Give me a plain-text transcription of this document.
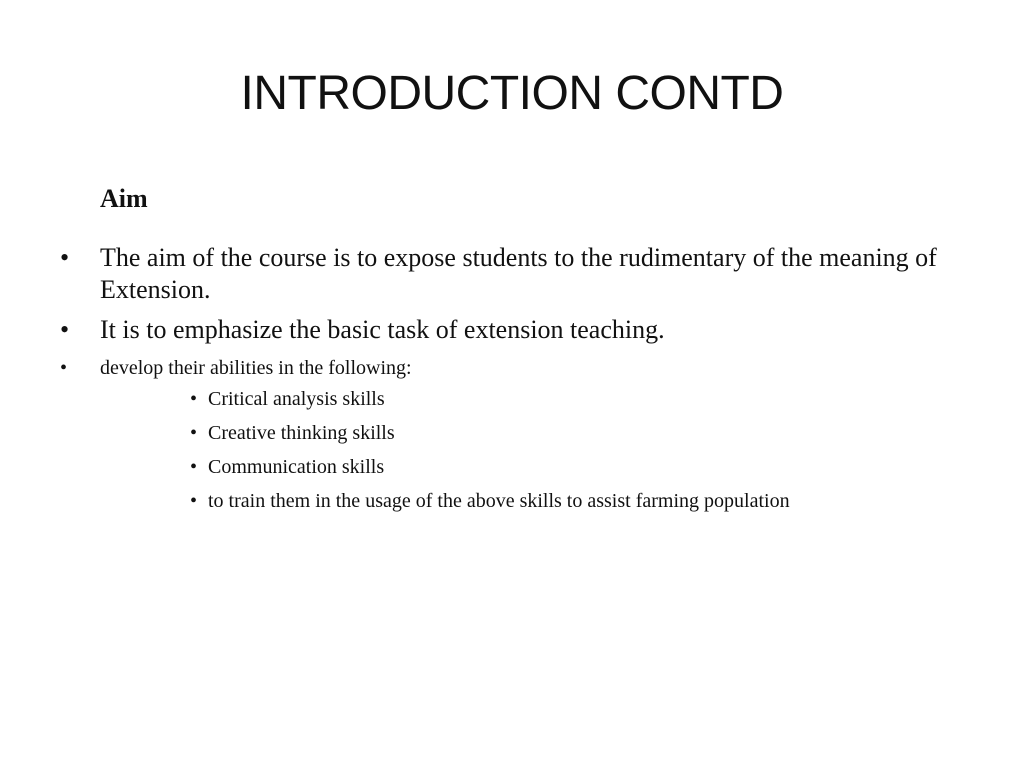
INTRODUCTION CONTD
Aim
• The aim of the course is to expose students to the rudimentary of the meaning of Extension.
• It is to emphasize the basic task of extension teaching.
• develop their abilities in the following:
• Critical analysis skills
• Creative thinking skills
• Communication skills
• to train them in the usage of the above skills to assist farming population
